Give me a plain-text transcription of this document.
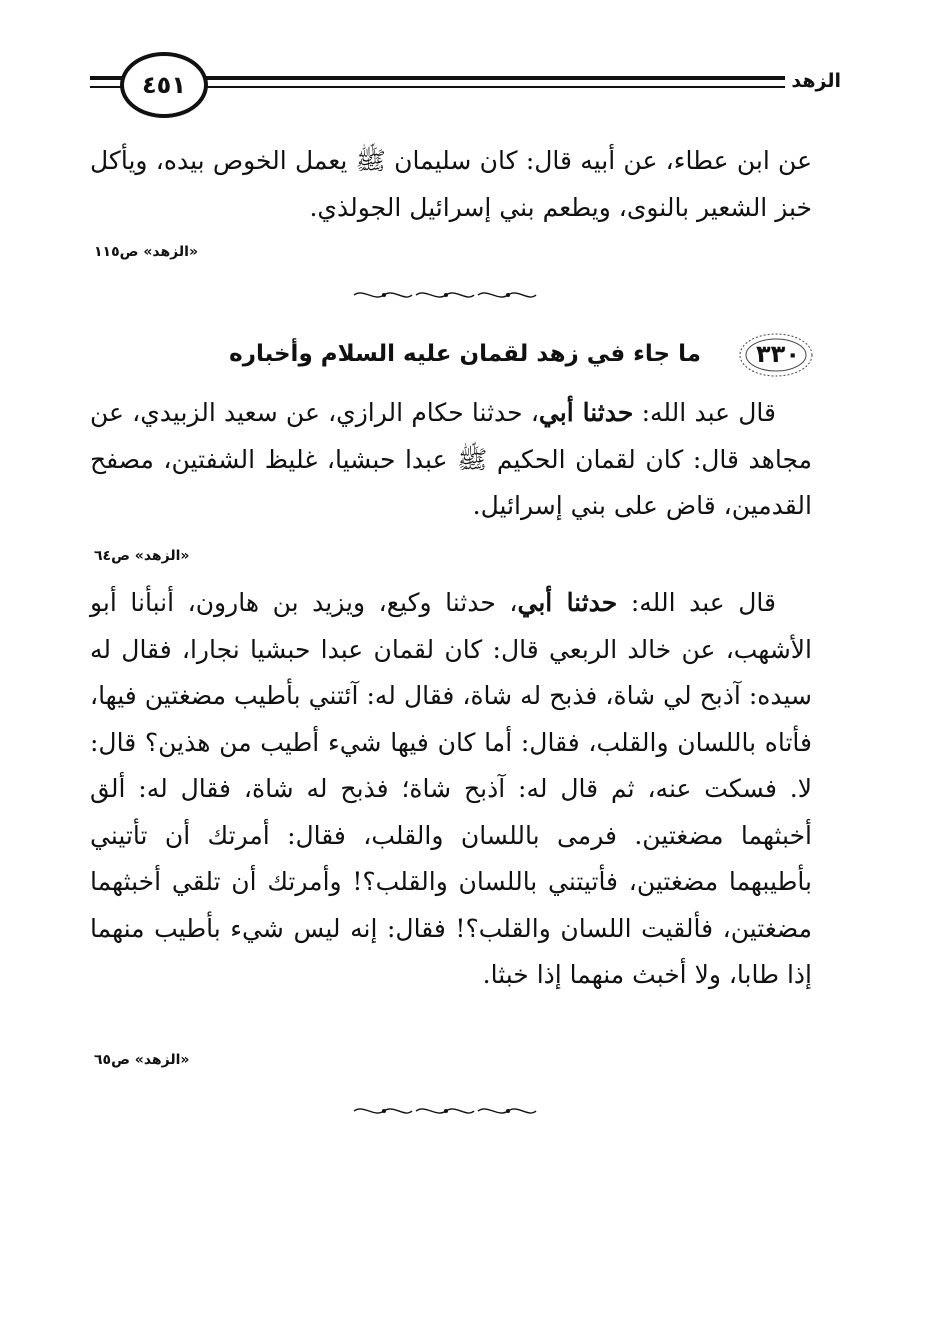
الزهد
٤٥١
عن ابن عطاء، عن أبيه قال: كان سليمان ﷺ يعمل الخوص بيده، ويأكل خبز الشعير بالنوى، ويطعم بني إسرائيل الجولذي.
«الزهد» ص١١٥
٣٣٠
ما جاء في زهد لقمان عليه السلام وأخباره
قال عبد الله: حدثنا أبي، حدثنا حكام الرازي، عن سعيد الزبيدي، عن مجاهد قال: كان لقمان الحكيم ﷺ عبدا حبشيا، غليظ الشفتين، مصفح القدمين، قاض على بني إسرائيل.
«الزهد» ص٦٤
قال عبد الله: حدثنا أبي، حدثنا وكيع، ويزيد بن هارون، أنبأنا أبو الأشهب، عن خالد الربعي قال: كان لقمان عبدا حبشيا نجارا، فقال له سيده: آذبح لي شاة، فذبح له شاة، فقال له: آئتني بأطيب مضغتين فيها، فأتاه باللسان والقلب، فقال: أما كان فيها شيء أطيب من هذين؟ قال: لا. فسكت عنه، ثم قال له: آذبح شاة؛ فذبح له شاة، فقال له: ألق أخبثهما مضغتين. فرمى باللسان والقلب، فقال: أمرتك أن تأتيني بأطيبهما مضغتين، فأتيتني باللسان والقلب؟! وأمرتك أن تلقي أخبثهما مضغتين، فألقيت اللسان والقلب؟! فقال: إنه ليس شيء بأطيب منهما إذا طابا، ولا أخبث منهما إذا خبثا.
«الزهد» ص٦٥
